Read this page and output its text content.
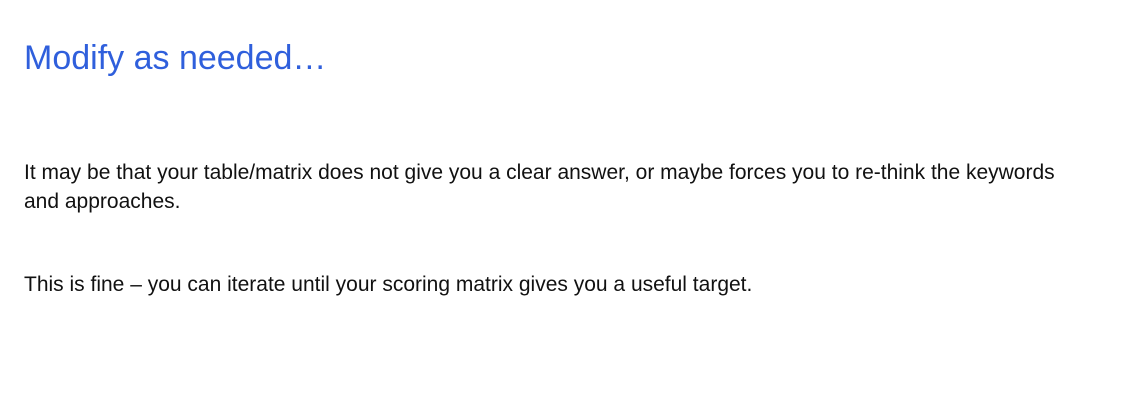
Modify as needed…

It may be that your table/matrix does not give you a clear answer, or maybe forces you to re-think the keywords and approaches.

This is fine – you can iterate until your scoring matrix gives you a useful target.
